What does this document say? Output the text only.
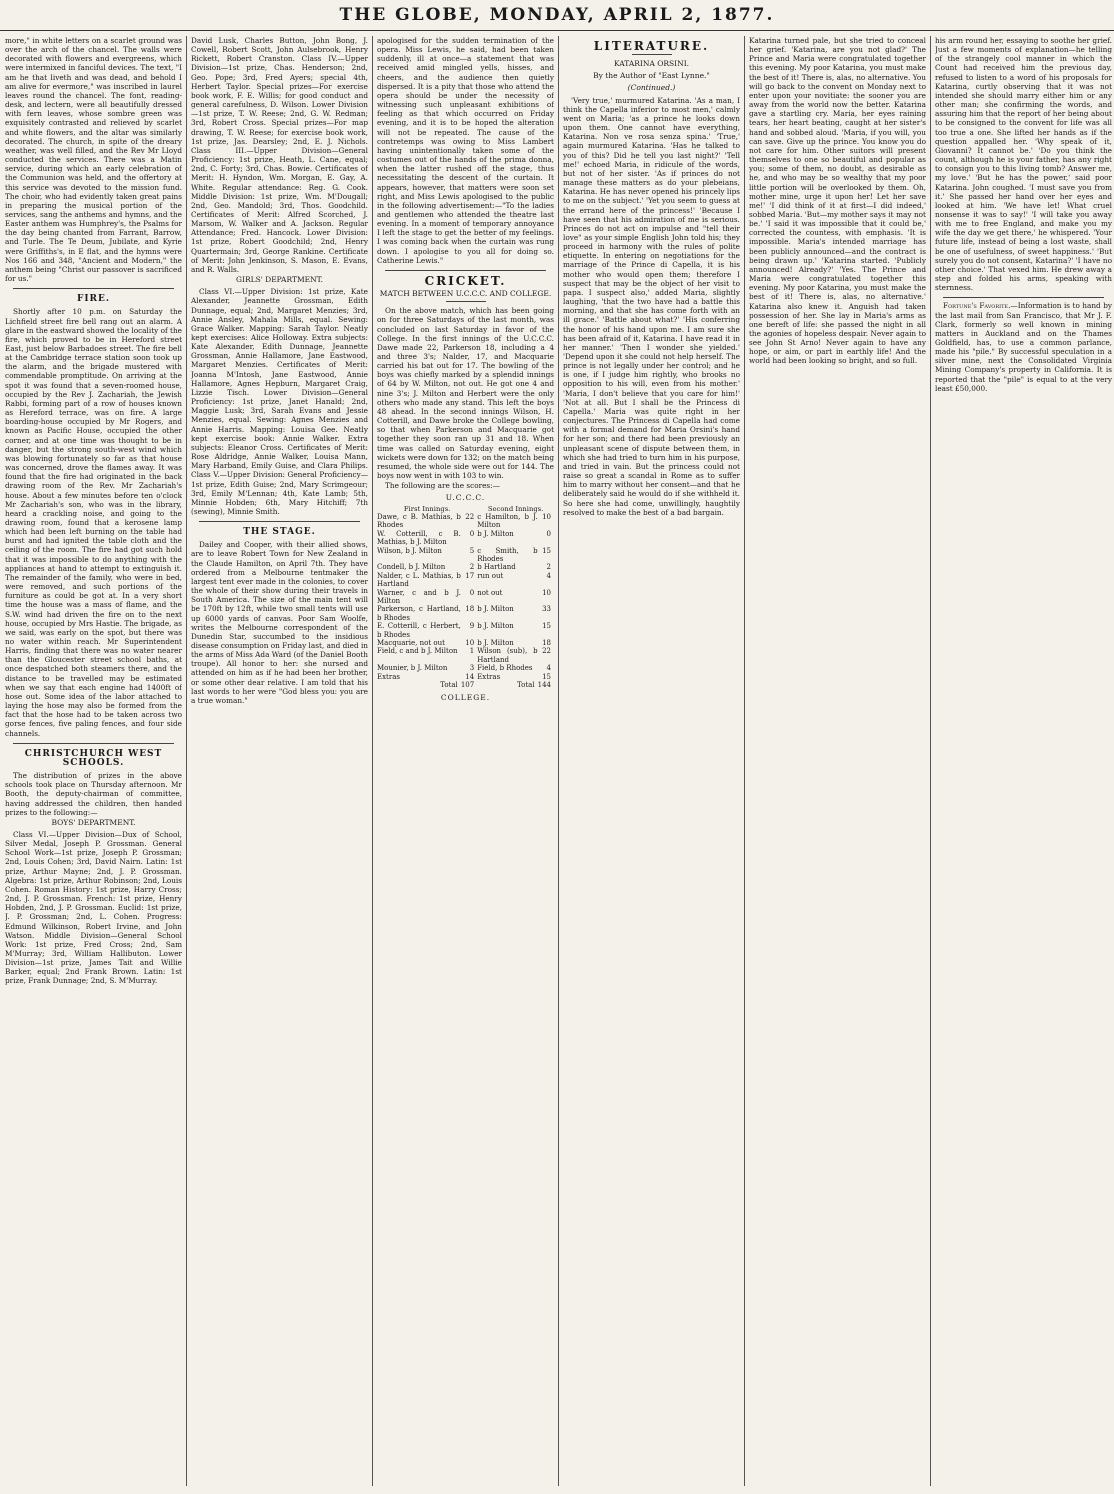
THE GLOBE, MONDAY, APRIL 2, 1877.

more," in white letters on a scarlet ground was over the arch of the chancel. The walls were decorated with flowers and evergreens, which were intermixed in fanciful devices. The text, "I am he that liveth and was dead, and behold I am alive for evermore," was inscribed in laurel leaves round the chancel. The font, reading-desk, and lectern, were all beautifully dressed with fern leaves, whose sombre green was exquisitely contrasted and relieved by scarlet and white flowers, and the altar was similarly decorated. The church, in spite of the dreary weather, was well filled, and the Rev Mr Lloyd conducted the services. There was a Matin service, during which an early celebration of the Communion was held, and the offertory at this service was devoted to the mission fund. The choir, who had evidently taken great pains in preparing the musical portion of the services, sang the anthems and hymns, and the Easter anthem was Humphrey's, the Psalms for the day being chanted from Farrant, Barrow, and Turle. The Te Deum, Jubilate, and Kyrie were Griffiths's, in E flat, and the hymns were Nos 166 and 348, "Ancient and Modern," the anthem being "Christ our passover is sacrificed for us."

FIRE.

Shortly after 10 p.m. on Saturday the Lichfield street fire bell rang out an alarm. A glare in the eastward showed the locality of the fire, which proved to be in Hereford street East, just below Barbadoes street. The fire bell at the Cambridge terrace station soon took up the alarm, and the brigade mustered with commendable promptitude. On arriving at the spot it was found that a seven-roomed house, occupied by the Rev J. Zachariah, the Jewish Rabbi, forming part of a row of houses known as Hereford terrace, was on fire. A large boarding-house occupied by Mr Rogers, and known as Pacific House, occupied the other corner, and at one time was thought to be in danger, but the strong south-west wind which was blowing fortunately so far as that house was concerned, drove the flames away. It was found that the fire had originated in the back drawing room of the Rev. Mr Zachariah's house. About a few minutes before ten o'clock Mr Zachariah's son, who was in the library, heard a crackling noise, and going to the drawing room, found that a kerosene lamp which had been left burning on the table had burst and had ignited the table cloth and the ceiling of the room. The fire had got such hold that it was impossible to do anything with the appliances at hand to attempt to extinguish it. The remainder of the family, who were in bed, were removed, and such portions of the furniture as could be got at. In a very short time the house was a mass of flame, and the S.W. wind had driven the fire on to the next house, occupied by Mrs Hastie. The brigade, as we said, was early on the spot, but there was no water within reach. Mr Superintendent Harris, finding that there was no water nearer than the Gloucester street school baths, at once despatched both steamers there, and the distance to be travelled may be estimated when we say that each engine had 1400ft of hose out. Some idea of the labor attached to laying the hose may also be formed from the fact that the hose had to be taken across two gorse fences, five paling fences, and four side channels.

CHRISTCHURCH WEST SCHOOLS.

The distribution of prizes in the above schools took place on Thursday afternoon. Mr Booth, the deputy-chairman of committee, having addressed the children, then handed prizes to the following:—

BOYS' DEPARTMENT.

Class VI.—Upper Division—Dux of School, Silver Medal, Joseph P. Grossman. General School Work—1st prize, Joseph P. Grossman; 2nd, Louis Cohen; 3rd, David Nairn. Latin: 1st prize, Arthur Mayne; 2nd, J. P. Grossman. Algebra: 1st prize, Arthur Robinson; 2nd, Louis Cohen. Roman History: 1st prize, Harry Cross; 2nd, J. P. Grossman. French: 1st prize, Henry Hobden, 2nd, J. P. Grossman. Euclid: 1st prize, J. P. Grossman; 2nd, L. Cohen. Progress: Edmund Wilkinson, Robert Irvine, and John Watson. Middle Division—General School Work: 1st prize, Fred Cross; 2nd, Sam M'Murray; 3rd, William Hallibuton. Lower Division—1st prize, James Tait and Willie Barker, equal; 2nd Frank Brown. Latin: 1st prize, Frank Dunnage; 2nd, S. M'Murray.

David Lusk, Charles Button, John Bong, J. Cowell, Robert Scott, John Aulsebrook, Henry Rickett, Robert Cranston. Class IV.—Upper Division—1st prize, Chas. Henderson; 2nd, Geo. Pope; 3rd, Fred Ayers; special 4th, Herbert Taylor. Special prizes—For exercise book work, F. E. Willis; for good conduct and general carefulness, D. Wilson. Lower Division—1st prize, T. W. Reese; 2nd, G. W. Redman; 3rd, Robert Cross. Special prizes—For map drawing, T. W. Reese; for exercise book work, 1st prize, Jas. Dearsley; 2nd, E. J. Nichols. Class III.—Upper Division—General Proficiency: 1st prize, Heath, L. Cane, equal; 2nd, C. Forty; 3rd, Chas. Bowie. Certificates of Merit: H. Hyndon, Wm. Morgan, E. Gay, A. White. Regular attendance: Reg. G. Cook. Middle Division: 1st prize, Wm. M'Dougall; 2nd, Geo. Mandold; 3rd, Thos. Goodchild. Certificates of Merit: Alfred Scorched, J. Marsom, W. Walker and A. Jackson. Regular Attendance; Fred. Hancock. Lower Division: 1st prize, Robert Goodchild; 2nd, Henry Quartermain; 3rd, George Rankine. Certificate of Merit: John Jenkinson, S. Mason, E. Evans, and R. Walls.

GIRLS' DEPARTMENT.

Class VI.—Upper Division: 1st prize, Kate Alexander, Jeannette Grossman, Edith Dunnage, equal; 2nd, Margaret Menzies; 3rd, Annie Ansley, Mahala Mills, equal. Sewing: Grace Walker. Mapping: Sarah Taylor. Neatly kept exercises: Alice Holloway. Extra subjects: Kate Alexander, Edith Dunnage, Jeannette Grossman, Annie Hallamore, Jane Eastwood, Margaret Menzies. Certificates of Merit: Joanna M'Intosh, Jane Eastwood, Annie Hallamore, Agnes Hepburn, Margaret Craig, Lizzie Tisch. Lower Division—General Proficiency: 1st prize, Janet Hanald; 2nd, Maggie Lusk; 3rd, Sarah Evans and Jessie Menzies, equal. Sewing: Agnes Menzies and Annie Harris. Mapping: Louisa Gee. Neatly kept exercise book: Annie Walker. Extra subjects: Eleanor Cross. Certificates of Merit: Rose Aldridge, Annie Walker, Louisa Mann, Mary Harband, Emily Guise, and Clara Philips. Class V.—Upper Division: General Proficiency—1st prize, Edith Guise; 2nd, Mary Scrimgeour; 3rd, Emily M'Lennan; 4th, Kate Lamb; 5th, Minnie Hobden; 6th, Mary Hitchiff; 7th (sewing), Minnie Smith.

THE STAGE.

Dailey and Cooper, with their allied shows, are to leave Robert Town for New Zealand in the Claude Hamilton, on April 7th. They have ordered from a Melbourne tentmaker the largest tent ever made in the colonies, to cover the whole of their show during their travels in South America. The size of the main tent will be 170ft by 12ft, while two small tents will use up 6000 yards of canvas. Poor Sam Woolfe, writes the Melbourne correspondent of the Dunedin Star, succumbed to the insidious disease consumption on Friday last, and died in the arms of Miss Ada Ward (of the Daniel Booth troupe). All honor to her: she nursed and attended on him as if he had been her brother, or some other dear relative. I am told that his last words to her were "God bless you: you are a true woman."

apologised for the sudden termination of the opera. Miss Lewis, he said, had been taken suddenly, ill at once—a statement that was received amid mingled yells, hisses, and cheers, and the audience then quietly dispersed. It is a pity that those who attend the opera should be under the necessity of witnessing such unpleasant exhibitions of feeling as that which occurred on Friday evening, and it is to be hoped the alteration will not be repeated. The cause of the contretemps was owing to Miss Lambert having unintentionally taken some of the costumes out of the hands of the prima donna, when the latter rushed off the stage, thus necessitating the descent of the curtain. It appears, however, that matters were soon set right, and Miss Lewis apologised to the public in the following advertisement:—"To the ladies and gentlemen who attended the theatre last evening. In a moment of temporary annoyance I left the stage to get the better of my feelings. I was coming back when the curtain was rung down. I apologise to you all for doing so. Catherine Lewis."

CRICKET.
MATCH BETWEEN U.C.C.C. AND COLLEGE.

On the above match, which has been going on for three Saturdays of the last month, was concluded on last Saturday in favor of the College. In the first innings of the U.C.C.C. Dawe made 22, Parkerson 18, including a 4 and three 3's; Nalder, 17, and Macquarie carried his bat out for 17. The bowling of the boys was chiefly marked by a splendid innings of 64 by W. Milton, not out. He got one 4 and nine 3's; J. Milton and Herbert were the only others who made any stand. This left the boys 48 ahead. In the second innings Wilson, H. Cotterill, and Dawe broke the College bowling, so that when Parkerson and Macquarie got together they soon ran up 31 and 18. When time was called on Saturday evening, eight wickets were down for 132; on the match being resumed, the whole side were out for 144. The boys now went in with 103 to win.

The following are the scores:—

U.C.C.C.
First Innings.		Second Innings.	
Dawe, c B. Mathias, b Rhodes	22	c Hamilton, b J. Milton	10
W. Cotterill, c B. Mathias, b J. Milton	0	b J. Milton	0
Wilson, b J. Milton	5	c Smith, b Rhodes	15
Condell, b J. Milton	2	b Hartland	2
Nalder, c L. Mathias, b Hartland	17	run out	4
Warner, c and b J. Milton	0	not out	10
Parkerson, c Hartland, b Rhodes	18	b J. Milton	33
E. Cotterill, c Herbert, b Rhodes	9	b J. Milton	15
Macquarie, not out	10	b J. Milton	18
Field, c and b J. Milton	1	Wilson (sub), b Hartland	22
Mounier, b J. Milton	3	Field, b Rhodes	4
Extras	14	Extras	15
Total	107	Total	144
COLLEGE.
LITERATURE.
KATARINA ORSINI.
By the Author of "East Lynne."
(Continued.)

'Very true,' murmured Katarina. 'As a man, I think the Capella inferior to most men,' calmly went on Maria; 'as a prince he looks down upon them. One cannot have everything, Katarina. Non ve rosa senza spina.' 'True,' again murmured Katarina. 'Has he talked to you of this? Did he tell you last night?' 'Tell me!' echoed Maria, in ridicule of the words, but not of her sister. 'As if princes do not manage these matters as do your plebeians, Katarina. He has never opened his princely lips to me on the subject.' 'Yet you seem to guess at the errand here of the princess!' 'Because I have seen that his admiration of me is serious. Princes do not act on impulse and "tell their love" as your simple English John told his; they proceed in harmony with the rules of polite etiquette. In entering on negotiations for the marriage of the Prince di Capella, it is his mother who would open them; therefore I suspect that may be the object of her visit to papa. I suspect also,' added Maria, slightly laughing, 'that the two have had a battle this morning, and that she has come forth with an ill grace.' 'Battle about what?' 'His conferring the honor of his hand upon me. I am sure she has been afraid of it, Katarina. I have read it in her manner.' 'Then I wonder she yielded.' 'Depend upon it she could not help herself. The prince is not legally under her control; and he is one, if I judge him rightly, who brooks no opposition to his will, even from his mother.' 'Maria, I don't believe that you care for him!' 'Not at all. But I shall be the Princess di Capella.' Maria was quite right in her conjectures. The Princess di Capella had come with a formal demand for Maria Orsini's hand for her son; and there had been previously an unpleasant scene of dispute between them, in which she had tried to turn him in his purpose, and tried in vain. But the princess could not raise so great a scandal in Rome as to suffer him to marry without her consent—and that he deliberately said he would do if she withheld it. So here she had come, unwillingly, haughtily resolved to make the best of a bad bargain.

Katarina turned pale, but she tried to conceal her grief. 'Katarina, are you not glad?' The Prince and Maria were congratulated together this evening. My poor Katarina, you must make the best of it! There is, alas, no alternative. You will go back to the convent on Monday next to enter upon your novitiate: the sooner you are away from the world now the better. Katarina gave a startling cry. Maria, her eyes raining tears, her heart beating, caught at her sister's hand and sobbed aloud. 'Maria, if you will, you can save. Give up the prince. You know you do not care for him. Other suitors will present themselves to one so beautiful and popular as you; some of them, no doubt, as desirable as he, and who may be so wealthy that my poor little portion will be overlooked by them. Oh, mother mine, urge it upon her! Let her save me!' 'I did think of it at first—I did indeed,' sobbed Maria. 'But—my mother says it may not be.' 'I said it was impossible that it could be,' corrected the countess, with emphasis. 'It is impossible. Maria's intended marriage has been publicly announced—and the contract is being drawn up.' 'Katarina started. 'Publicly announced! Already?' 'Yes. The Prince and Maria were congratulated together this evening. My poor Katarina, you must make the best of it! There is, alas, no alternative.' Katarina also knew it. Anguish had taken possession of her. She lay in Maria's arms as one bereft of life: she passed the night in all the agonies of hopeless despair. Never again to see John St Arno! Never again to have any hope, or aim, or part in earthly life! And the world had been looking so bright, and so full.

his arm round her, essaying to soothe her grief. Just a few moments of explanation—he telling of the strangely cool manner in which the Count had received him the previous day, refused to listen to a word of his proposals for Katarina, curtly observing that it was not intended she should marry either him or any other man; she confirming the words, and assuring him that the report of her being about to be consigned to the convent for life was all too true a one. She lifted her hands as if the question appalled her. 'Why speak of it, Giovanni? It cannot be.' 'Do you think the count, although he is your father, has any right to consign you to this living tomb? Answer me, my love.' 'But he has the power,' said poor Katarina. John coughed. 'I must save you from it.' She passed her hand over her eyes and looked at him. 'We have let! What cruel nonsense it was to say!' 'I will take you away with me to free England, and make you my wife the day we get there,' he whispered. 'Your future life, instead of being a lost waste, shall be one of usefulness, of sweet happiness.' 'But surely you do not consent, Katarina?' 'I have no other choice.' That vexed him. He drew away a step and folded his arms, speaking with sternness.

Fortune's Favorite.—Information is to hand by the last mail from San Francisco, that Mr J. F. Clark, formerly so well known in mining matters in Auckland and on the Thames Goldfield, has, to use a common parlance, made his "pile." By successful speculation in a silver mine, next the Consolidated Virginia Mining Company's property in California. It is reported that the "pile" is equal to at the very least £50,000.
